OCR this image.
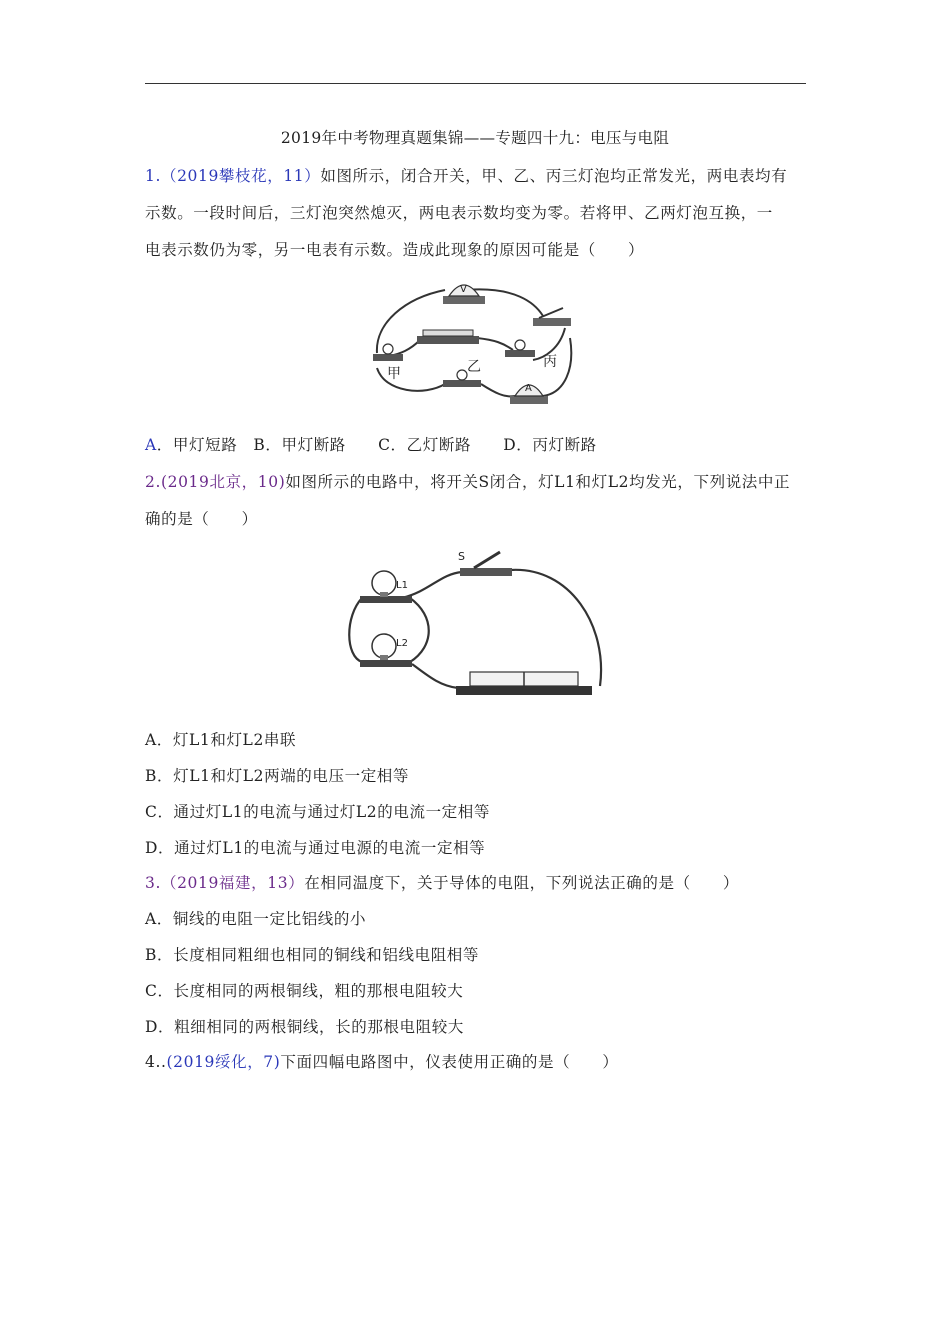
2019年中考物理真题集锦——专题四十九：电压与电阻
1.（2019攀枝花，11）如图所示，闭合开关，甲、乙、丙三灯泡均正常发光，两电表均有
示数。一段时间后，三灯泡突然熄灭，两电表示数均变为零。若将甲、乙两灯泡互换，一
电表示数仍为零，另一电表有示数。造成此现象的原因可能是（　　）
V
A
甲	乙	丙
A．甲灯短路　B．甲灯断路　　C．乙灯断路　　D．丙灯断路
2.(2019北京，10)如图所示的电路中，将开关S闭合，灯L1和灯L2均发光，下列说法中正
确的是（　　）
L1
L2
S
A．灯L1和灯L2串联
B．灯L1和灯L2两端的电压一定相等
C．通过灯L1的电流与通过灯L2的电流一定相等
D．通过灯L1的电流与通过电源的电流一定相等
3.（2019福建，13）在相同温度下，关于导体的电阻，下列说法正确的是（　　）
A．铜线的电阻一定比铝线的小
B．长度相同粗细也相同的铜线和铝线电阻相等
C．长度相同的两根铜线，粗的那根电阻较大
D．粗细相同的两根铜线，长的那根电阻较大
4..(2019绥化，7)下面四幅电路图中，仪表使用正确的是（　　）
